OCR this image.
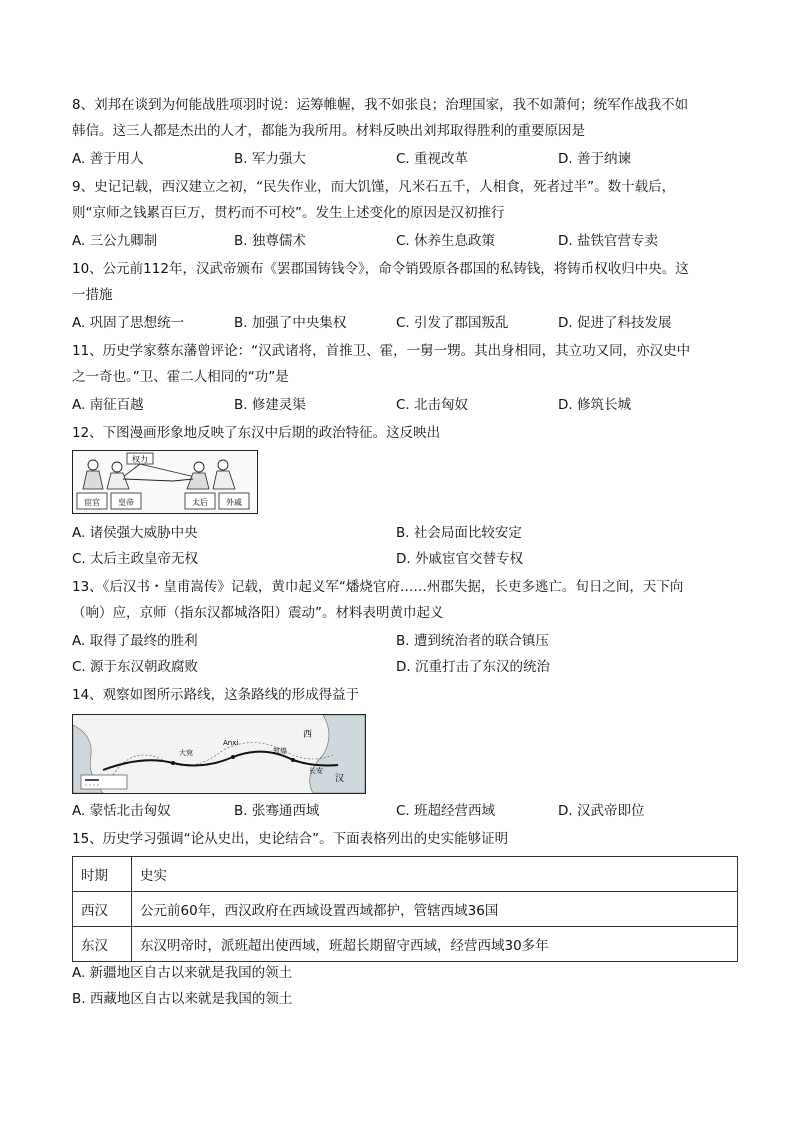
8、刘邦在谈到为何能战胜项羽时说：运筹帷幄，我不如张良；治理国家，我不如萧何；统军作战我不如
韩信。这三人都是杰出的人才，都能为我所用。材料反映出刘邦取得胜利的重要原因是
A. 善于用人	B. 军力强大	C. 重视改革	D. 善于纳谏
9、史记记载，西汉建立之初，“民失作业，而大饥馑，凡米石五千，人相食，死者过半”。数十载后，
则“京师之钱累百巨万，贯朽而不可校”。发生上述变化的原因是汉初推行
A. 三公九卿制	B. 独尊儒术	C. 休养生息政策	D. 盐铁官营专卖
10、公元前112年，汉武帝颁布《罢郡国铸钱令》，命令销毁原各郡国的私铸钱，将铸币权收归中央。这
一措施
A. 巩固了思想统一	B. 加强了中央集权	C. 引发了郡国叛乱	D. 促进了科技发展
11、历史学家蔡东藩曾评论：“汉武诸将，首推卫、霍，一舅一甥。其出身相同，其立功又同，亦汉史中
之一奇也。”卫、霍二人相同的“功”是
A. 南征百越	B. 修建灵渠	C. 北击匈奴	D. 修筑长城
12、下图漫画形象地反映了东汉中后期的政治特征。这反映出
权力
宦官 皇帝	太后 外戚
A. 诸侯强大威胁中央	B. 社会局面比较安定
C. 太后主政皇帝无权	D. 外戚宦官交替专权
13、《后汉书・皇甫嵩传》记载，黄巾起义军“燔烧官府……州郡失据，长吏多逃亡。旬日之间，天下向
（响）应，京师（指东汉都城洛阳）震动”。材料表明黄巾起义
A. 取得了最终的胜利	B. 遭到统治者的联合镇压
C. 源于东汉朝政腐败	D. 沉重打击了东汉的统治
14、观察如图所示路线，这条路线的形成得益于
西
汉
敦煌
长安
Anxi
大宛
A. 蒙恬北击匈奴	B. 张骞通西域	C. 班超经营西域	D. 汉武帝即位
15、历史学习强调“论从史出，史论结合”。下面表格列出的史实能够证明
时期	史实
西汉	公元前60年，西汉政府在西域设置西域都护，管辖西域36国
东汉	东汉明帝时，派班超出使西域，班超长期留守西域，经营西域30多年
A. 新疆地区自古以来就是我国的领土
B. 西藏地区自古以来就是我国的领土
